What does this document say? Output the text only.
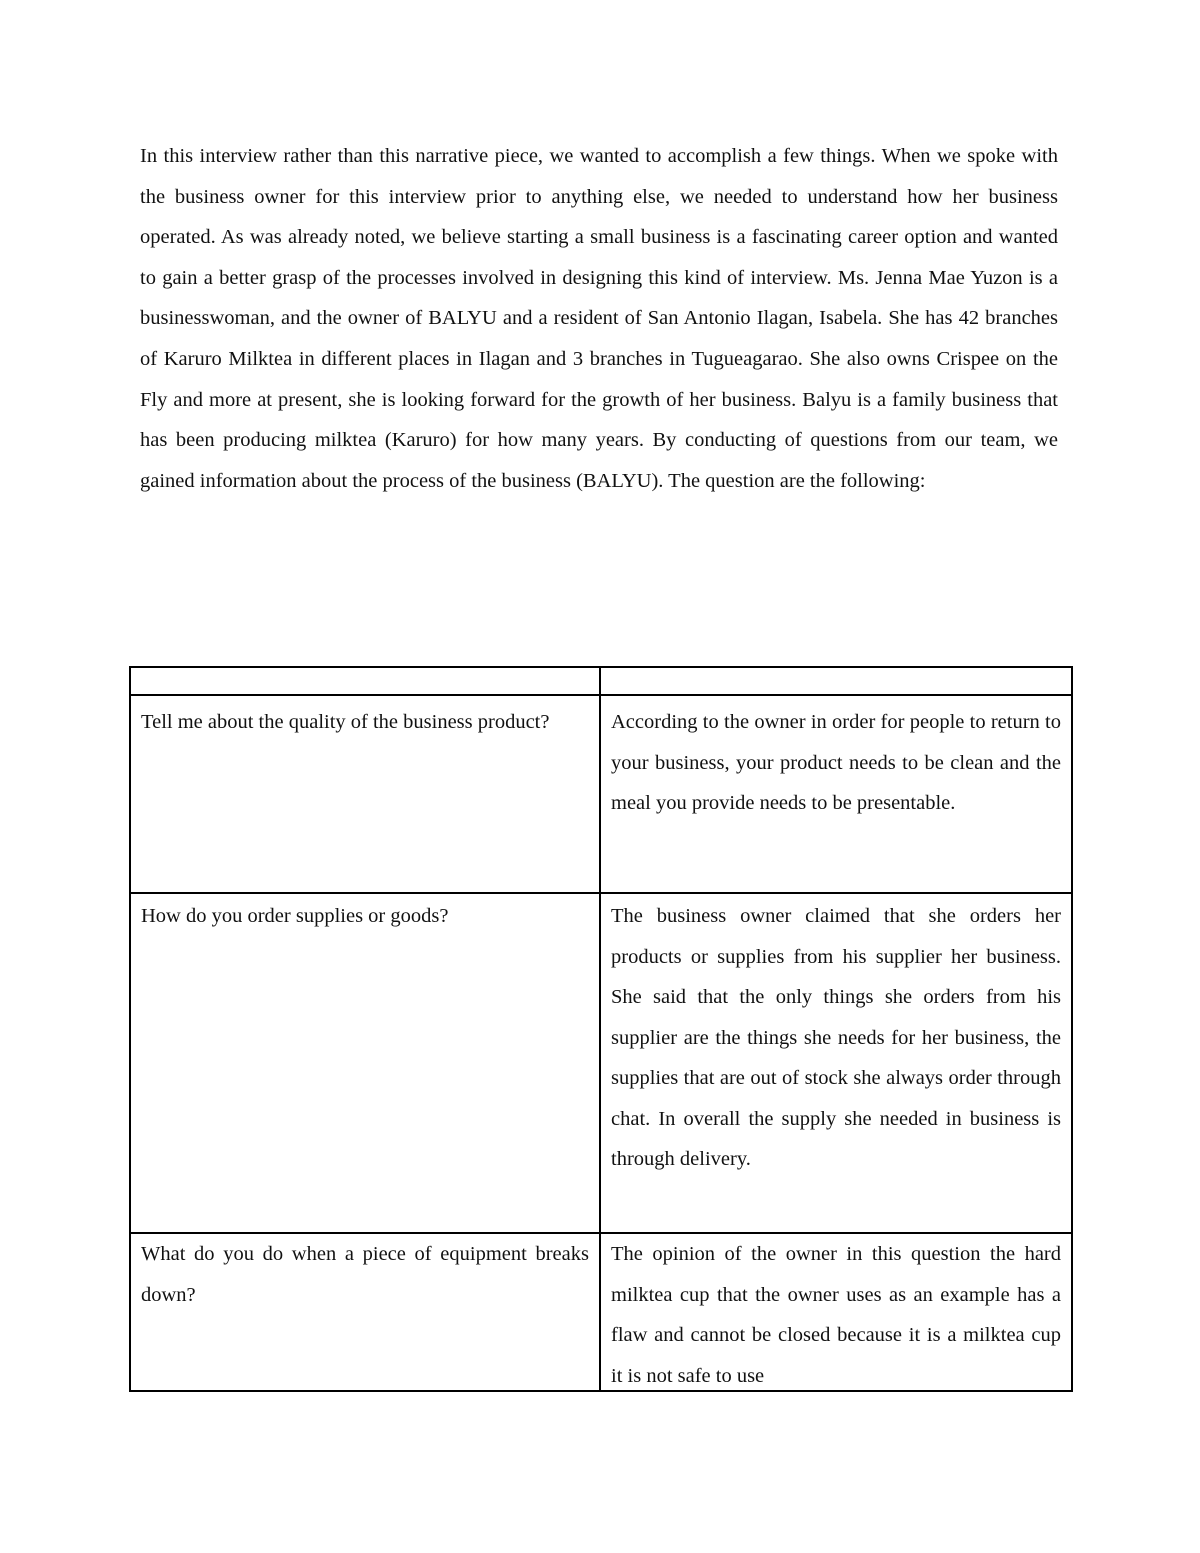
In this interview rather than this narrative piece, we wanted to accomplish a few things. When we spoke with the business owner for this interview prior to anything else, we needed to understand how her business operated. As was already noted, we believe starting a small business is a fascinating career option and wanted to gain a better grasp of the processes involved in designing this kind of interview. Ms. Jenna Mae Yuzon is a businesswoman, and the owner of BALYU and a resident of San Antonio Ilagan, Isabela. She has 42 branches of Karuro Milktea in different places in Ilagan and 3 branches in Tugueagarao. She also owns Crispee on the Fly and more at present, she is looking forward for the growth of her business. Balyu is a family business that has been producing milktea (Karuro) for how many years. By conducting of questions from our team, we gained information about the process of the business (BALYU). The question are the following:

Tell me about the quality of the business product?	According to the owner in order for people to return to your business, your product needs to be clean and the meal you provide needs to be presentable.

How do you order supplies or goods?	The business owner claimed that she orders her products or supplies from his supplier her business. She said that the only things she orders from his supplier are the things she needs for her business, the supplies that are out of stock she always order through chat. In overall the supply she needed in business is through delivery.

What do you do when a piece of equipment breaks down?	The opinion of the owner in this question the hard milktea cup that the owner uses as an example has a flaw and cannot be closed because it is a milktea cup it is not safe to use
